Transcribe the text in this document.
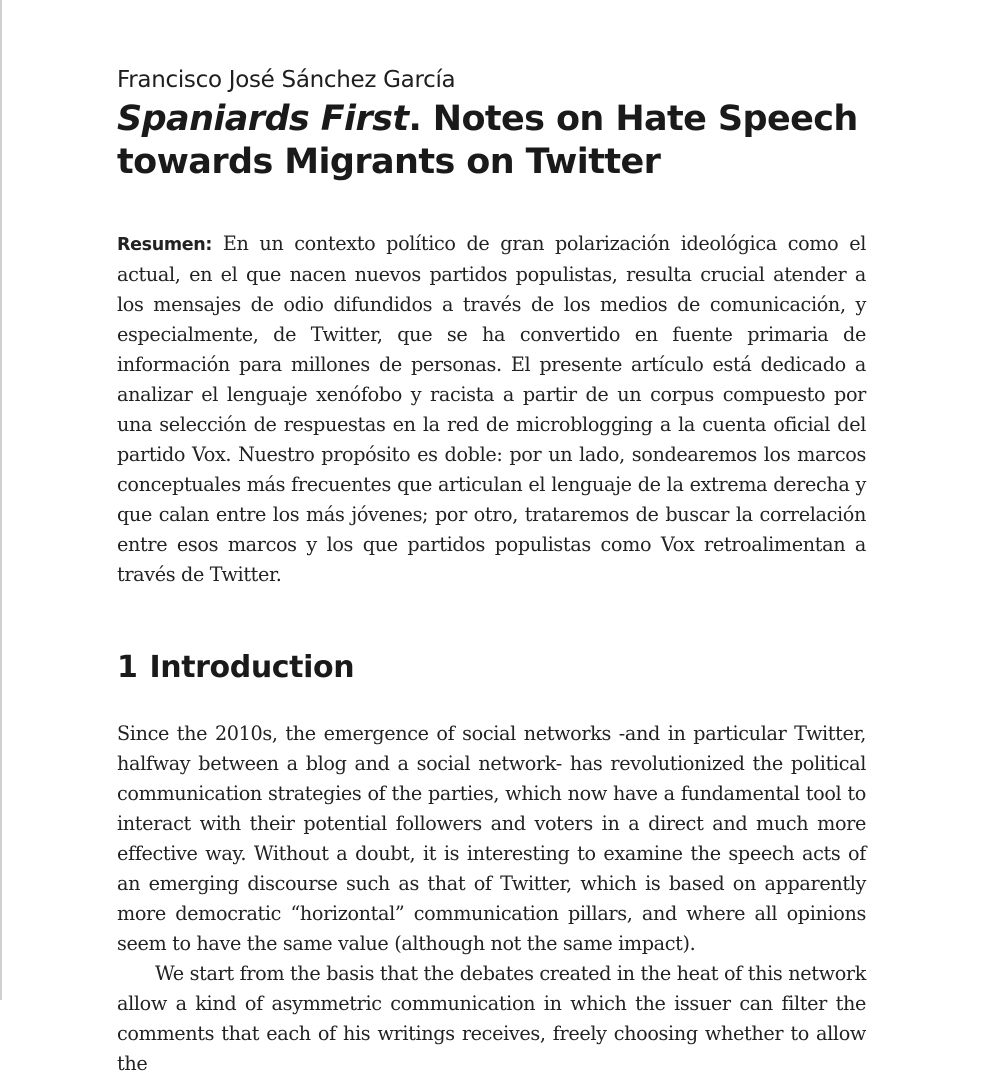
Francisco José Sánchez García

Spaniards First. Notes on Hate Speech towards Migrants on Twitter

Resumen: En un contexto político de gran polarización ideológica como el actual, en el que nacen nuevos partidos populistas, resulta crucial atender a los mensajes de odio difundidos a través de los medios de comunicación, y especialmente, de Twitter, que se ha convertido en fuente primaria de información para millones de personas. El presente artículo está dedicado a analizar el lenguaje xenófobo y racista a partir de un corpus compuesto por una selección de respuestas en la red de microblogging a la cuenta oficial del partido Vox. Nuestro propósito es doble: por un lado, sondearemos los marcos conceptuales más frecuentes que articulan el lenguaje de la extrema derecha y que calan entre los más jóvenes; por otro, trataremos de buscar la correlación entre esos marcos y los que partidos populistas como Vox retroalimentan a través de Twitter.

1 Introduction

Since the 2010s, the emergence of social networks -and in particular Twitter, halfway between a blog and a social network- has revolutionized the political communication strategies of the parties, which now have a fundamental tool to interact with their potential followers and voters in a direct and much more effective way. Without a doubt, it is interesting to examine the speech acts of an emerging discourse such as that of Twitter, which is based on apparently more democratic “horizontal” communication pillars, and where all opinions seem to have the same value (although not the same impact).

We start from the basis that the debates created in the heat of this network allow a kind of asymmetric communication in which the issuer can filter the comments that each of his writings receives, freely choosing whether to allow the
